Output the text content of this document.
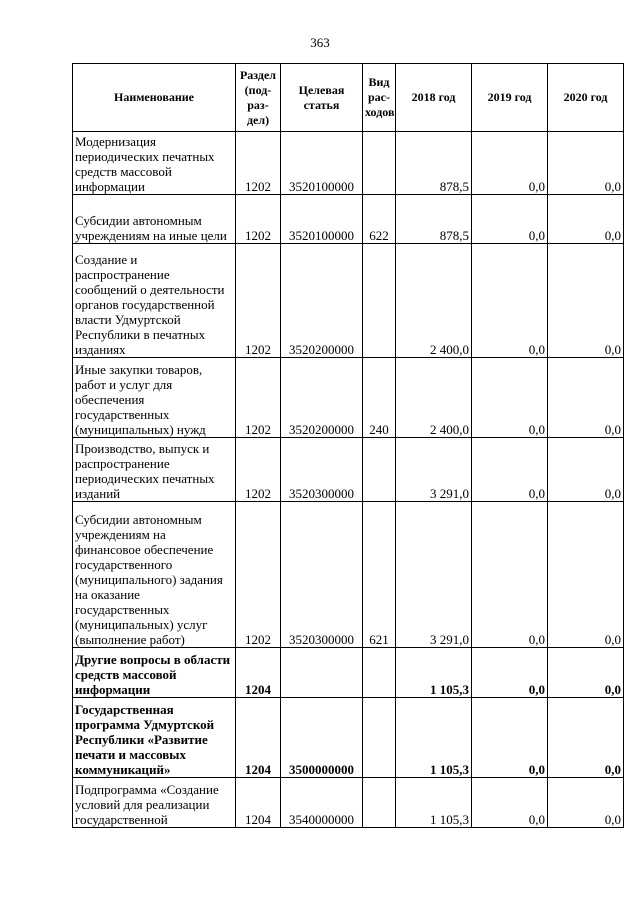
363
Наименование	Раздел (под-раз-дел)	Целевая статья	Вид рас-ходов	2018 год	2019 год	2020 год
Модернизация периодических печатных средств массовой информации	1202	3520100000		878,5	0,0	0,0
Субсидии автономным учреждениям на иные цели	1202	3520100000	622	878,5	0,0	0,0
Создание и распространение сообщений о деятельности органов государственной власти Удмуртской Республики в печатных изданиях	1202	3520200000		2 400,0	0,0	0,0
Иные закупки товаров, работ и услуг для обеспечения государственных (муниципальных) нужд	1202	3520200000	240	2 400,0	0,0	0,0
Производство, выпуск и распространение периодических печатных изданий	1202	3520300000		3 291,0	0,0	0,0
Субсидии автономным учреждениям на финансовое обеспечение государственного (муниципального) задания на оказание государственных (муниципальных) услуг (выполнение работ)	1202	3520300000	621	3 291,0	0,0	0,0
Другие вопросы в области средств массовой информации	1204			1 105,3	0,0	0,0
Государственная программа Удмуртской Республики «Развитие печати и массовых коммуникаций»	1204	3500000000		1 105,3	0,0	0,0
Подпрограмма «Создание условий для реализации государственной	1204	3540000000		1 105,3	0,0	0,0
